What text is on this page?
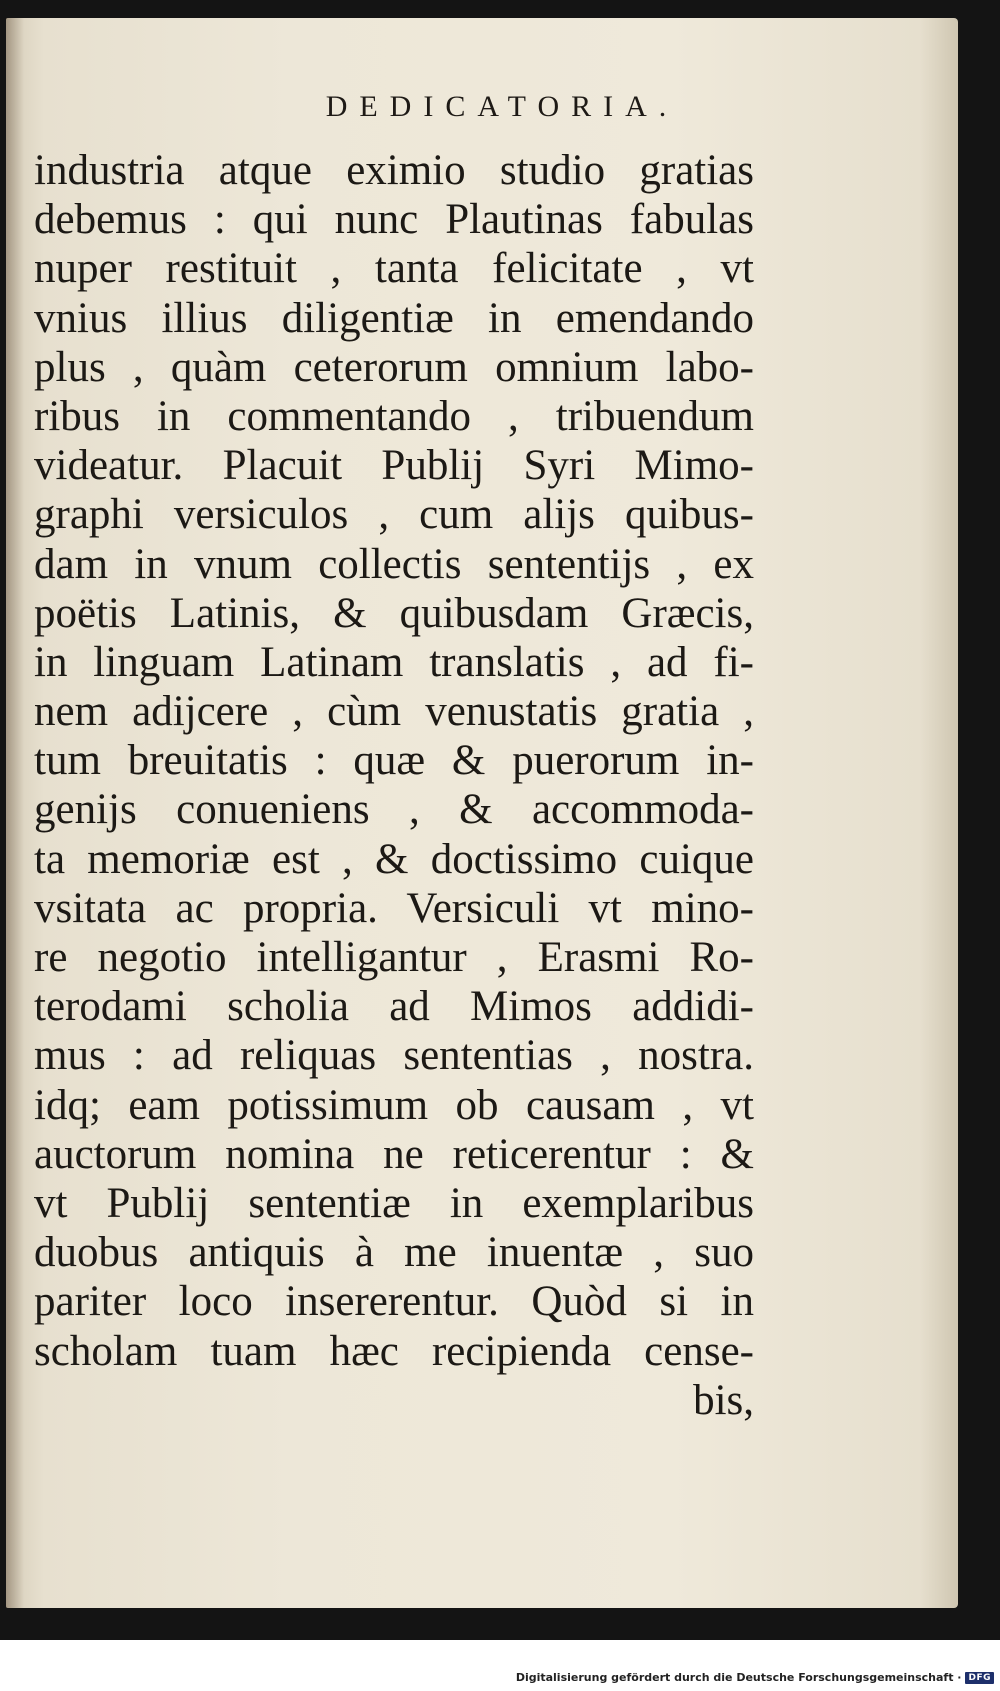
DEDICATORIA.
industria atque eximio studio gratias
debemus : qui nunc Plautinas fabulas
nuper restituit , tanta felicitate , vt
vnius illius diligentiæ in emendando
plus , quàm ceterorum omnium labo-
ribus in commentando , tribuendum
videatur. Placuit Publij Syri Mimo-
graphi versiculos , cum alijs quibus-
dam in vnum collectis sententijs , ex
poëtis Latinis, & quibusdam Græcis,
in linguam Latinam translatis , ad fi-
nem adijcere , cùm venustatis gratia ,
tum breuitatis : quæ & puerorum in-
genijs conueniens , & accommoda-
ta memoriæ est , & doctissimo cuique
vsitata ac propria. Versiculi vt mino-
re negotio intelligantur , Erasmi Ro-
terodami scholia ad Mimos addidi-
mus : ad reliquas sententias , nostra.
idq; eam potissimum ob causam , vt
auctorum nomina ne reticerentur : &
vt Publij sententiæ in exemplaribus
duobus antiquis à me inuentæ , suo
pariter loco insererentur. Quòd si in
scholam tuam hæc recipienda cense-
bis,
Digitalisierung gefördert durch die Deutsche Forschungsgemeinschaft · DFG
